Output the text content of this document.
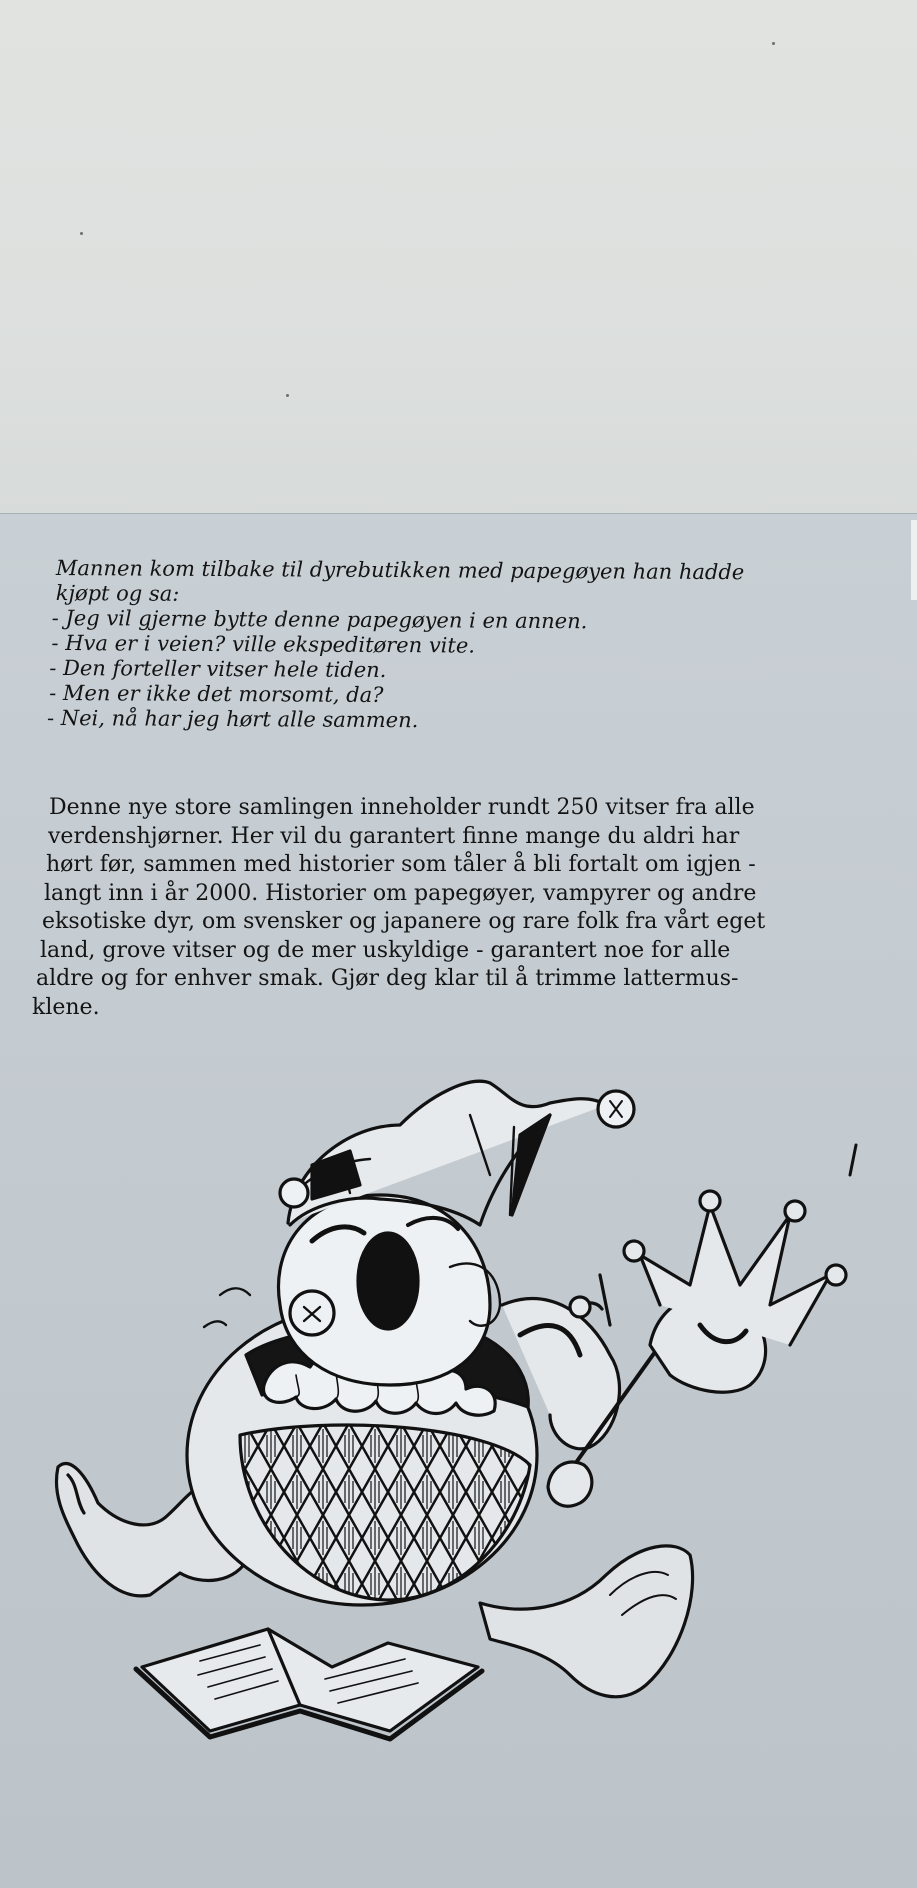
Mannen kom tilbake til dyrebutikken med papegøyen han hadde
kjøpt og sa:
- Jeg vil gjerne bytte denne papegøyen i en annen.
- Hva er i veien? ville ekspeditøren vite.
- Den forteller vitser hele tiden.
- Men er ikke det morsomt, da?
- Nei, nå har jeg hørt alle sammen.
Denne nye store samlingen inneholder rundt 250 vitser fra alle
verdenshjørner. Her vil du garantert finne mange du aldri har
hørt før, sammen med historier som tåler å bli fortalt om igjen -
langt inn i år 2000. Historier om papegøyer, vampyrer og andre
eksotiske dyr, om svensker og japanere og rare folk fra vårt eget
land, grove vitser og de mer uskyldige - garantert noe for alle
aldre og for enhver smak. Gjør deg klar til å trimme lattermus-
klene.
